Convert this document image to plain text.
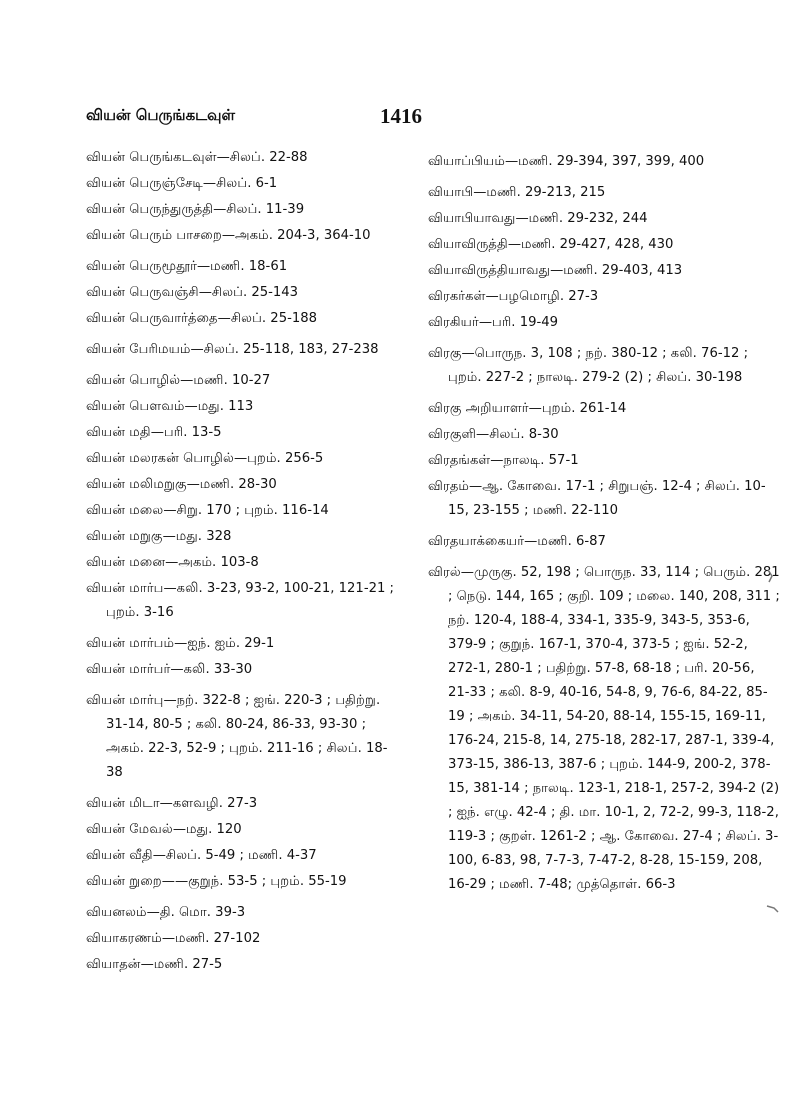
வியன் பெருங்கடவுள்	1416
வியன் பெருங்கடவுள்—சிலப். 22-88
வியன் பெருஞ்சேடி—சிலப். 6-1
வியன் பெருந்துருத்தி—சிலப். 11-39
வியன் பெரும் பாசறை—அகம். 204-3, 364-10
வியன் பெருமூதூர்—மணி. 18-61
வியன் பெருவஞ்சி—சிலப். 25-143
வியன் பெருவார்த்தை—சிலப். 25-188
வியன் பேரிமயம்—சிலப். 25-118, 183, 27-238
வியன் பொழில்—மணி. 10-27
வியன் பௌவம்—மது. 113
வியன் மதி—பரி. 13-5
வியன் மலரகன் பொழில்—புறம். 256-5
வியன் மலிமறுகு—மணி. 28-30
வியன் மலை—சிறு. 170 ; புறம். 116-14
வியன் மறுகு—மது. 328
வியன் மனை—அகம். 103-8
வியன் மார்ப—கலி. 3-23, 93-2, 100-21, 121-21 ; புறம். 3-16
வியன் மார்பம்—ஐந். ஐம். 29-1
வியன் மார்பர்—கலி. 33-30
வியன் மார்பு—நற். 322-8 ; ஐங். 220-3 ; பதிற்று. 31-14, 80-5 ; கலி. 80-24, 86-33, 93-30 ; அகம். 22-3, 52-9 ; புறம். 211-16 ; சிலப். 18-38
வியன் மிடா—களவழி. 27-3
வியன் மேவல்—மது. 120
வியன் வீதி—சிலப். 5-49 ; மணி. 4-37
வியன் றுறை——குறுந். 53-5 ; புறம். 55-19
வியனலம்—தி. மொ. 39-3
வியாகரணம்—மணி. 27-102
வியாதன்—மணி. 27-5
வியாப்பியம்—மணி. 29-394, 397, 399, 400
வியாபி—மணி. 29-213, 215
வியாபியாவது—மணி. 29-232, 244
வியாவிருத்தி—மணி. 29-427, 428, 430
வியாவிருத்தியாவது—மணி. 29-403, 413
விரகர்கள்—பழமொழி. 27-3
விரகியர்—பரி. 19-49
விரகு—பொருந. 3, 108 ; நற். 380-12 ; கலி. 76-12 ; புறம். 227-2 ; நாலடி. 279-2 (2) ; சிலப். 30-198
விரகு அறியாளர்—புறம். 261-14
விரகுளி—சிலப். 8-30
விரதங்கள்—நாலடி. 57-1
விரதம்—ஆ. கோவை. 17-1 ; சிறுபஞ். 12-4 ; சிலப். 10-15, 23-155 ; மணி. 22-110
விரதயாக்கையர்—மணி. 6-87
விரல்—முருகு. 52, 198 ; பொருந. 33, 114 ; பெரும். 281 ; நெடு. 144, 165 ; குறி. 109 ; மலை. 140, 208, 311 ; நற். 120-4, 188-4, 334-1, 335-9, 343-5, 353-6, 379-9 ; குறுந். 167-1, 370-4, 373-5 ; ஐங். 52-2, 272-1, 280-1 ; பதிற்று. 57-8, 68-18 ; பரி. 20-56, 21-33 ; கலி. 8-9, 40-16, 54-8, 9, 76-6, 84-22, 85-19 ; அகம். 34-11, 54-20, 88-14, 155-15, 169-11, 176-24, 215-8, 14, 275-18, 282-17, 287-1, 339-4, 373-15, 386-13, 387-6 ; புறம். 144-9, 200-2, 378-15, 381-14 ; நாலடி. 123-1, 218-1, 257-2, 394-2 (2) ; ஐந். எழு. 42-4 ; தி. மா. 10-1, 2, 72-2, 99-3, 118-2, 119-3 ; குறள். 1261-2 ; ஆ. கோவை. 27-4 ; சிலப். 3-100, 6-83, 98, 7-7-3, 7-47-2, 8-28, 15-159, 208, 16-29 ; மணி. 7-48; முத்தொள். 66-3
